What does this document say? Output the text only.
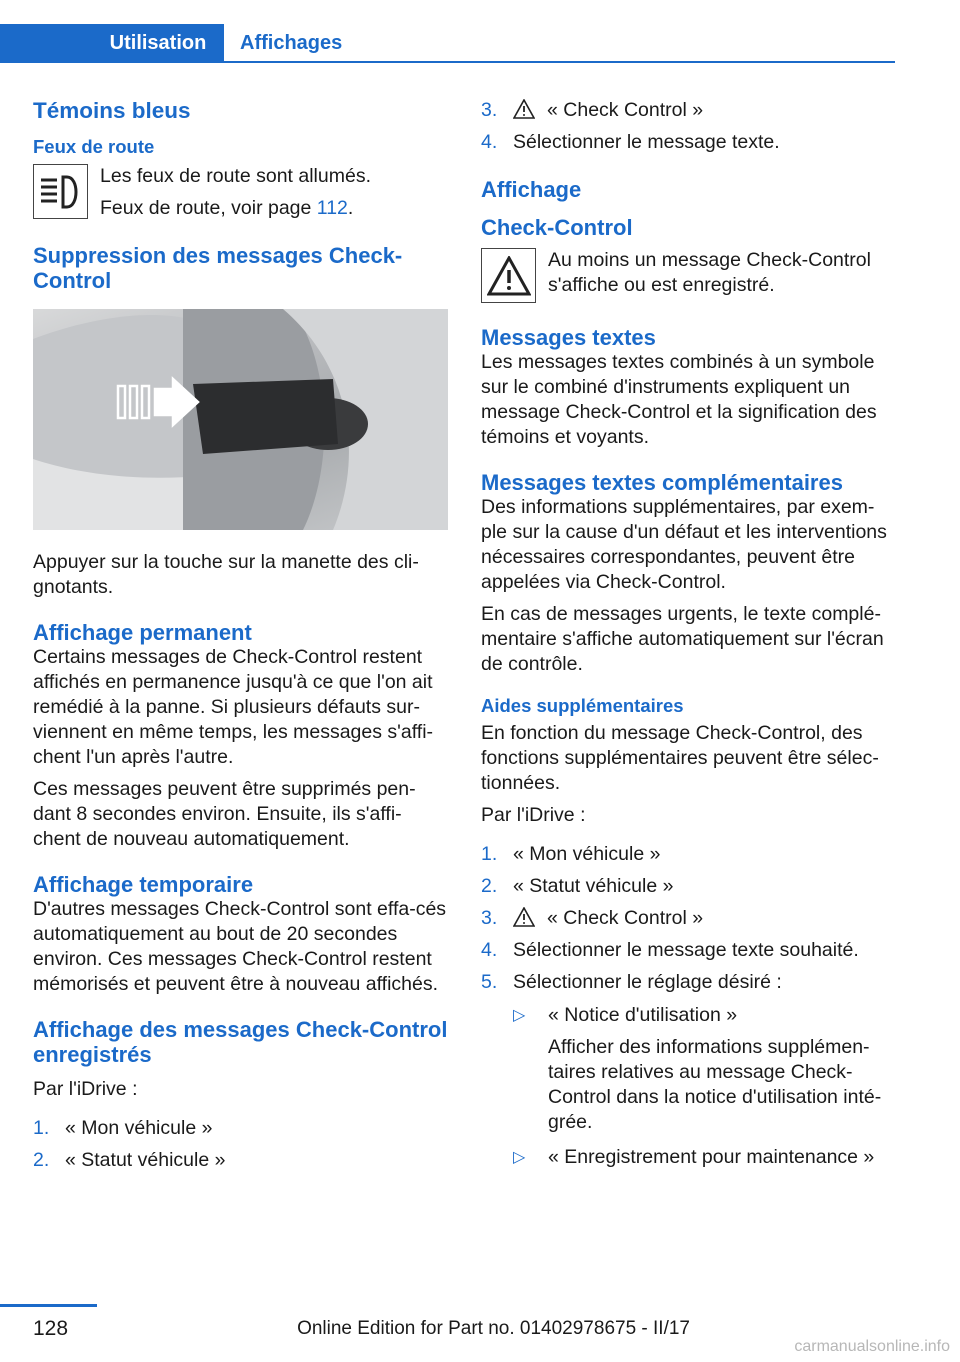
Utilisation	Affichages
Témoins bleus
Feux de route

Les feux de route sont allumés.

Feux de route, voir page 112.

Suppression des messages Check-Control

Appuyer sur la touche sur la manette des cli-gnotants.

Affichage permanent

Certains messages de Check-Control restent affichés en permanence jusqu'à ce que l'on ait remédié à la panne. Si plusieurs défauts sur-viennent en même temps, les messages s'affi-chent l'un après l'autre.

Ces messages peuvent être supprimés pen-dant 8 secondes environ. Ensuite, ils s'affi-chent de nouveau automatiquement.

Affichage temporaire

D'autres messages Check-Control sont effa-cés automatiquement au bout de 20 secondes environ. Ces messages Check-Control restent mémorisés et peuvent être à nouveau affichés.

Affichage des messages Check-Control enregistrés

Par l'iDrive :

1. « Mon véhicule »
2. « Statut véhicule »
3.	« Check Control »
4. Sélectionner le message texte.
Affichage
Check-Control

Au moins un message Check-Control s'affiche ou est enregistré.

Messages textes

Les messages textes combinés à un symbole sur le combiné d'instruments expliquent un message Check-Control et la signification des témoins et voyants.

Messages textes complémentaires

Des informations supplémentaires, par exem-ple sur la cause d'un défaut et les interventions nécessaires correspondantes, peuvent être appelées via Check-Control.

En cas de messages urgents, le texte complé-mentaire s'affiche automatiquement sur l'écran de contrôle.

Aides supplémentaires

En fonction du message Check-Control, des fonctions supplémentaires peuvent être sélec-tionnées.

Par l'iDrive :

1. « Mon véhicule »
2. « Statut véhicule »
3.	« Check Control »
4. Sélectionner le message texte souhaité.
5. Sélectionner le réglage désiré :
▷	« Notice d'utilisation »
Afficher des informations supplémen-taires relatives au message Check-Control dans la notice d'utilisation inté-grée.
▷	« Enregistrement pour maintenance »
128	Online Edition for Part no. 01402978675 - II/17
carmanualsonline.info
